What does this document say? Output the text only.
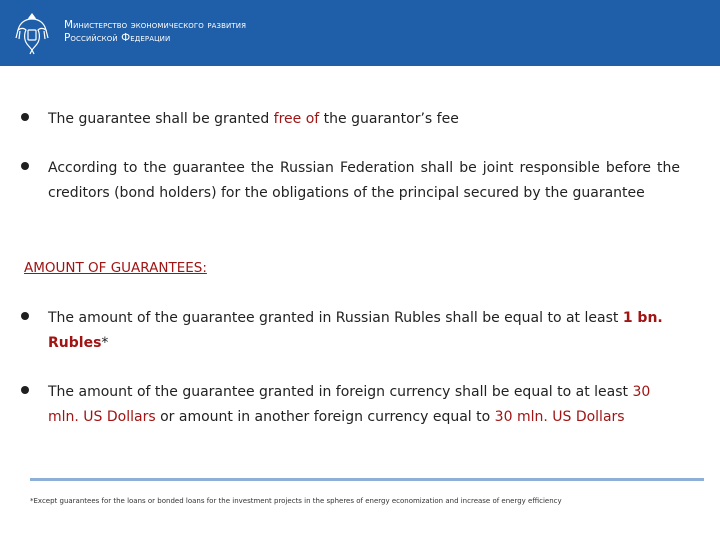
Министерство экономического развития
Российской Федерации

The guarantee shall be granted free of the guarantor’s fee

According to the guarantee the Russian Federation shall be joint responsible before the creditors (bond holders) for the obligations of the principal secured by the guarantee

AMOUNT OF GUARANTEES:

The amount of the guarantee granted in Russian Rubles shall be equal to at least 1 bn. Rubles*

The amount of the guarantee granted in foreign currency shall be equal to at least 30 mln. US Dollars or amount in another foreign currency equal to 30 mln. US Dollars

*Except guarantees for the loans or bonded loans for the investment projects in the spheres of energy economization and increase of energy efficiency
